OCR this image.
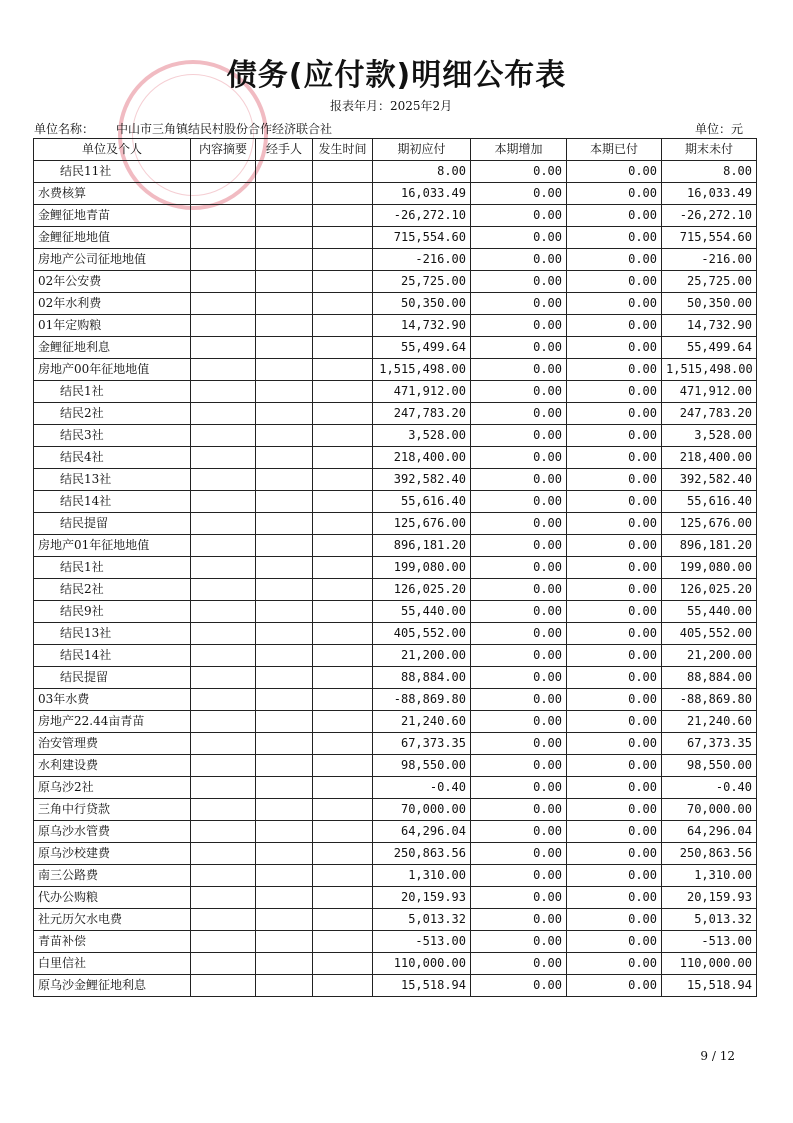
债务(应付款)明细公布表
报表年月：2025年2月
单位名称： 中山市三角镇结民村股份合作经济联合社	单位：元
单位及个人	内容摘要	经手人	发生时间	期初应付	本期增加	本期已付	期末未付
结民11社				8.00	0.00	0.00	8.00
水费核算				16,033.49	0.00	0.00	16,033.49
金鲤征地青苗				-26,272.10	0.00	0.00	-26,272.10
金鲤征地地值				715,554.60	0.00	0.00	715,554.60
房地产公司征地地值				-216.00	0.00	0.00	-216.00
02年公安费				25,725.00	0.00	0.00	25,725.00
02年水利费				50,350.00	0.00	0.00	50,350.00
01年定购粮				14,732.90	0.00	0.00	14,732.90
金鲤征地利息				55,499.64	0.00	0.00	55,499.64
房地产00年征地地值				1,515,498.00	0.00	0.00	1,515,498.00
结民1社				471,912.00	0.00	0.00	471,912.00
结民2社				247,783.20	0.00	0.00	247,783.20
结民3社				3,528.00	0.00	0.00	3,528.00
结民4社				218,400.00	0.00	0.00	218,400.00
结民13社				392,582.40	0.00	0.00	392,582.40
结民14社				55,616.40	0.00	0.00	55,616.40
结民提留				125,676.00	0.00	0.00	125,676.00
房地产01年征地地值				896,181.20	0.00	0.00	896,181.20
结民1社				199,080.00	0.00	0.00	199,080.00
结民2社				126,025.20	0.00	0.00	126,025.20
结民9社				55,440.00	0.00	0.00	55,440.00
结民13社				405,552.00	0.00	0.00	405,552.00
结民14社				21,200.00	0.00	0.00	21,200.00
结民提留				88,884.00	0.00	0.00	88,884.00
03年水费				-88,869.80	0.00	0.00	-88,869.80
房地产22.44亩青苗				21,240.60	0.00	0.00	21,240.60
治安管理费				67,373.35	0.00	0.00	67,373.35
水利建设费				98,550.00	0.00	0.00	98,550.00
原乌沙2社				-0.40	0.00	0.00	-0.40
三角中行贷款				70,000.00	0.00	0.00	70,000.00
原乌沙水管费				64,296.04	0.00	0.00	64,296.04
原乌沙校建费				250,863.56	0.00	0.00	250,863.56
南三公路费				1,310.00	0.00	0.00	1,310.00
代办公购粮				20,159.93	0.00	0.00	20,159.93
社元历欠水电费				5,013.32	0.00	0.00	5,013.32
青苗补偿				-513.00	0.00	0.00	-513.00
白里信社				110,000.00	0.00	0.00	110,000.00
原乌沙金鲤征地利息				15,518.94	0.00	0.00	15,518.94
9 / 12
